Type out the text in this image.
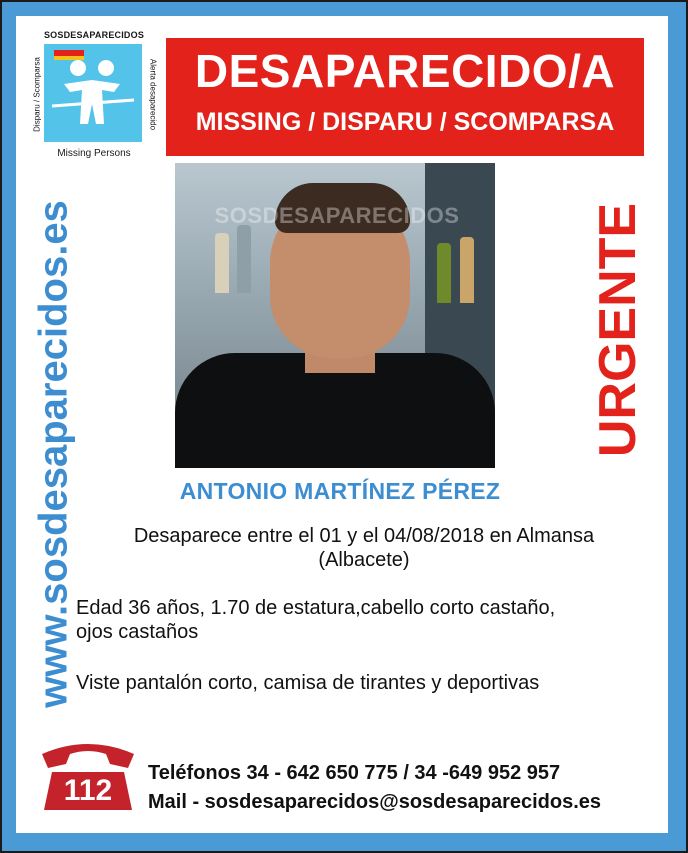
SOSDESAPARECIDOS
Disparu / Scomparsa	Alerta desaparecido
Missing Persons
DESAPARECIDO/A
MISSING / DISPARU / SCOMPARSA
www.sosdesaparecidos.es	URGENTE
SOSDESAPARECIDOS
ANTONIO MARTÍNEZ PÉREZ
Desaparece entre el 01 y el 04/08/2018 en Almansa
(Albacete)
Edad 36 años, 1.70 de estatura,cabello corto castaño,
ojos castaños
Viste pantalón corto, camisa de tirantes y deportivas
112
Teléfonos 34 - 642 650 775 / 34 -649 952 957
Mail - sosdesaparecidos@sosdesaparecidos.es
